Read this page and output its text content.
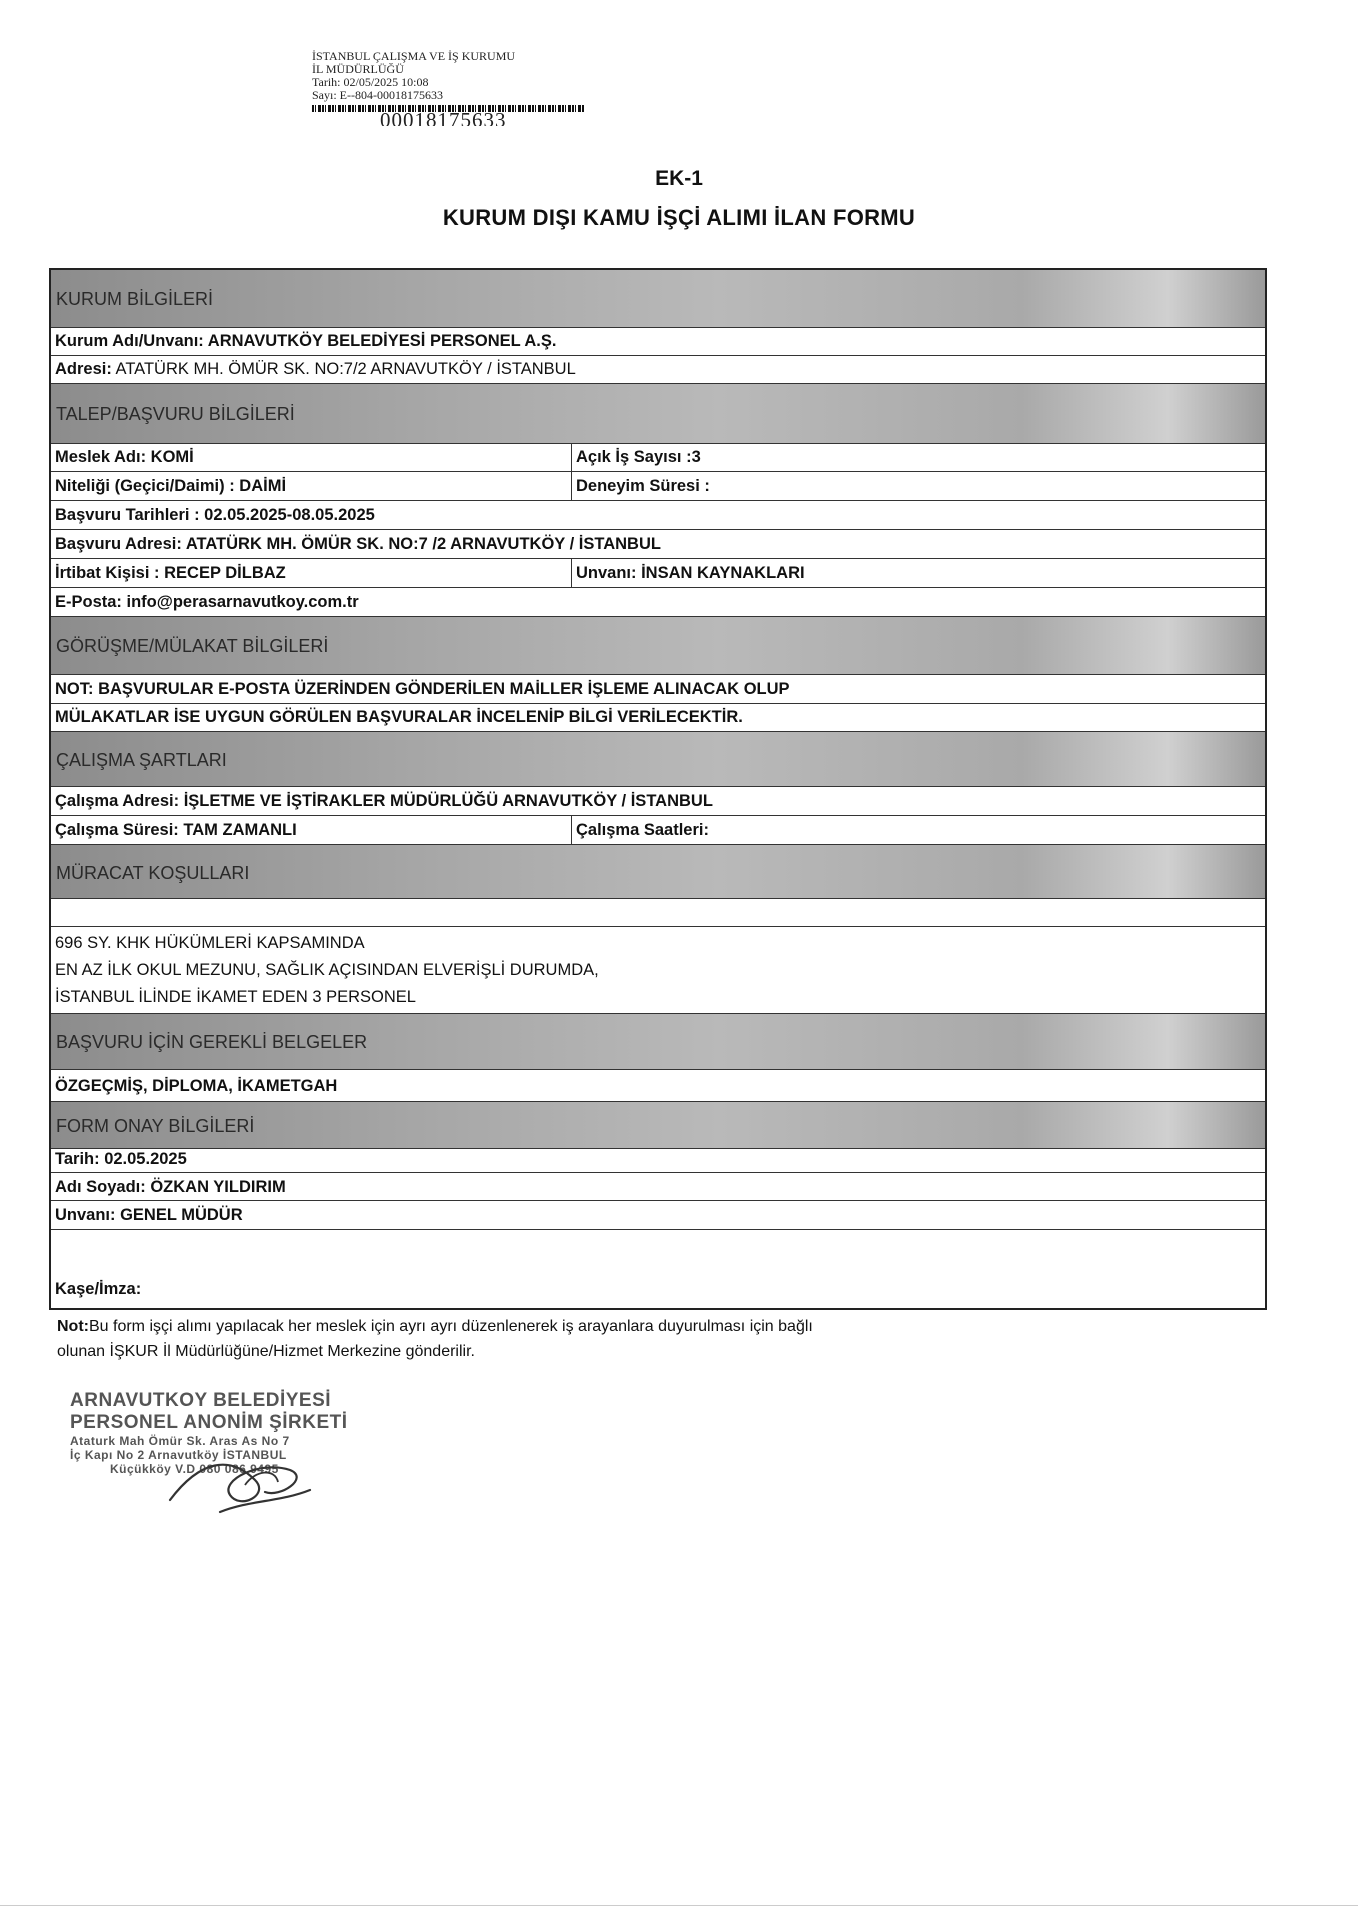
İSTANBUL ÇALIŞMA VE İŞ KURUMU
İL MÜDÜRLÜĞÜ
Tarih: 02/05/2025 10:08
Sayı: E--804-00018175633
00018175633
EK-1
KURUM DIŞI KAMU İŞÇİ ALIMI İLAN FORMU
KURUM BİLGİLERİ
Kurum Adı/Unvanı: ARNAVUTKÖY BELEDİYESİ PERSONEL A.Ş.
Adresi: ATATÜRK MH. ÖMÜR SK. NO:7/2 ARNAVUTKÖY / İSTANBUL
TALEP/BAŞVURU BİLGİLERİ
Meslek Adı: KOMİ	Açık İş Sayısı :3
Niteliği (Geçici/Daimi) : DAİMİ	Deneyim Süresi :
Başvuru Tarihleri : 02.05.2025-08.05.2025
Başvuru Adresi: ATATÜRK MH. ÖMÜR SK. NO:7 /2 ARNAVUTKÖY / İSTANBUL
İrtibat Kişisi : RECEP DİLBAZ	Unvanı: İNSAN KAYNAKLARI
E-Posta: info@perasarnavutkoy.com.tr
GÖRÜŞME/MÜLAKAT BİLGİLERİ
NOT: BAŞVURULAR E-POSTA ÜZERİNDEN GÖNDERİLEN MAİLLER İŞLEME ALINACAK OLUP
MÜLAKATLAR İSE UYGUN GÖRÜLEN BAŞVURALAR İNCELENİP BİLGİ VERİLECEKTİR.
ÇALIŞMA ŞARTLARI
Çalışma Adresi: İŞLETME VE İŞTİRAKLER MÜDÜRLÜĞÜ ARNAVUTKÖY / İSTANBUL
Çalışma Süresi: TAM ZAMANLI	Çalışma Saatleri:
MÜRACAT KOŞULLARI
696 SY. KHK HÜKÜMLERİ KAPSAMINDA
EN AZ İLK OKUL MEZUNU, SAĞLIK AÇISINDAN ELVERİŞLİ DURUMDA,
İSTANBUL İLİNDE İKAMET EDEN 3 PERSONEL
BAŞVURU İÇİN GEREKLİ BELGELER
ÖZGEÇMİŞ, DİPLOMA, İKAMETGAH
FORM ONAY BİLGİLERİ
Tarih: 02.05.2025
Adı Soyadı: ÖZKAN YILDIRIM
Unvanı: GENEL MÜDÜR
Kaşe/İmza:
Not:Bu form işçi alımı yapılacak her meslek için ayrı ayrı düzenlenerek iş arayanlara duyurulması için bağlı
olunan İŞKUR İl Müdürlüğüne/Hizmet Merkezine gönderilir.
ARNAVUTKOY BELEDİYESİ
PERSONEL ANONİM ŞİRKETİ
Ataturk Mah Ömür Sk. Aras As No 7
İç Kapı No 2 Arnavutköy İSTANBUL
Küçükköy V.D 080 086 9495
